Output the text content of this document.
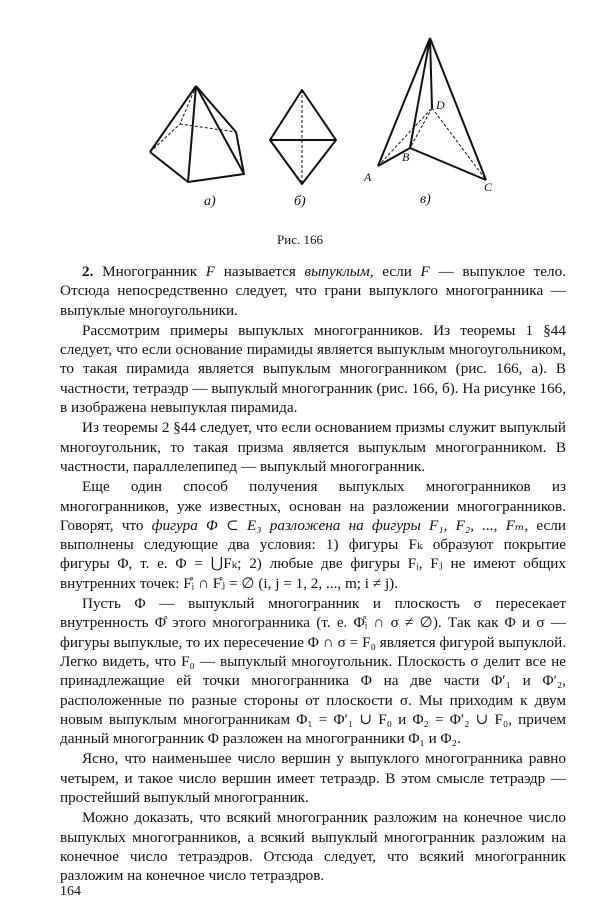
а)	б)	в)
A
B
C
D
Рис. 166

2. Многогранник F называется выпуклым, если F — выпуклое тело. Отсюда непосредственно следует, что грани выпуклого многогранника — выпуклые многоугольники.

Рассмотрим примеры выпуклых многогранников. Из теоремы 1 §44 следует, что если основание пирамиды является выпуклым многоугольником, то такая пирамида является выпуклым многогранником (рис. 166, а). В частности, тетраэдр — выпуклый многогранник (рис. 166, б). На рисунке 166, в изображена невыпуклая пирамида.

Из теоремы 2 §44 следует, что если основанием призмы служит выпуклый многоугольник, то такая призма является выпуклым многогранником. В частности, параллелепипед — выпуклый многогранник.

Еще один способ получения выпуклых многогранников из многогранников, уже известных, основан на разложении многогранников. Говорят, что фигура Φ ⊂ E₃ разложена на фигуры F₁, F₂, ..., Fₘ, если выполнены следующие два условия: 1) фигуры Fₖ образуют покрытие фигуры Φ, т. е. Φ = ⋃Fₖ; 2) любые две фигуры Fᵢ, Fⱼ не имеют общих внутренних точек: F̊ᵢ ∩ F̊ⱼ = ∅ (i, j = 1, 2, ..., m; i ≠ j).

Пусть Φ — выпуклый многогранник и плоскость σ пересекает внутренность Φ̊ этого многогранника (т. е. Φ̊ᵢ ∩ σ ≠ ∅). Так как Φ и σ — фигуры выпуклые, то их пересечение Φ ∩ σ = F₀ является фигурой выпуклой. Легко видеть, что F₀ — выпуклый многоугольник. Плоскость σ делит все не принадлежащие ей точки многогранника Φ на две части Φ′₁ и Φ′₂, расположенные по разные стороны от плоскости σ. Мы приходим к двум новым выпуклым многогранникам Φ₁ = Φ′₁ ∪ F₀ и Φ₂ = Φ′₂ ∪ F₀, причем данный многогранник Φ разложен на многогранники Φ₁ и Φ₂.

Ясно, что наименьшее число вершин у выпуклого многогранника равно четырем, и такое число вершин имеет тетраэдр. В этом смысле тетраэдр — простейший выпуклый многогранник.

Можно доказать, что всякий многогранник разложим на конечное число выпуклых многогранников, а всякий выпуклый многогранник разложим на конечное число тетраэдров. Отсюда следует, что всякий многогранник разложим на конечное число тетраэдров.

164
